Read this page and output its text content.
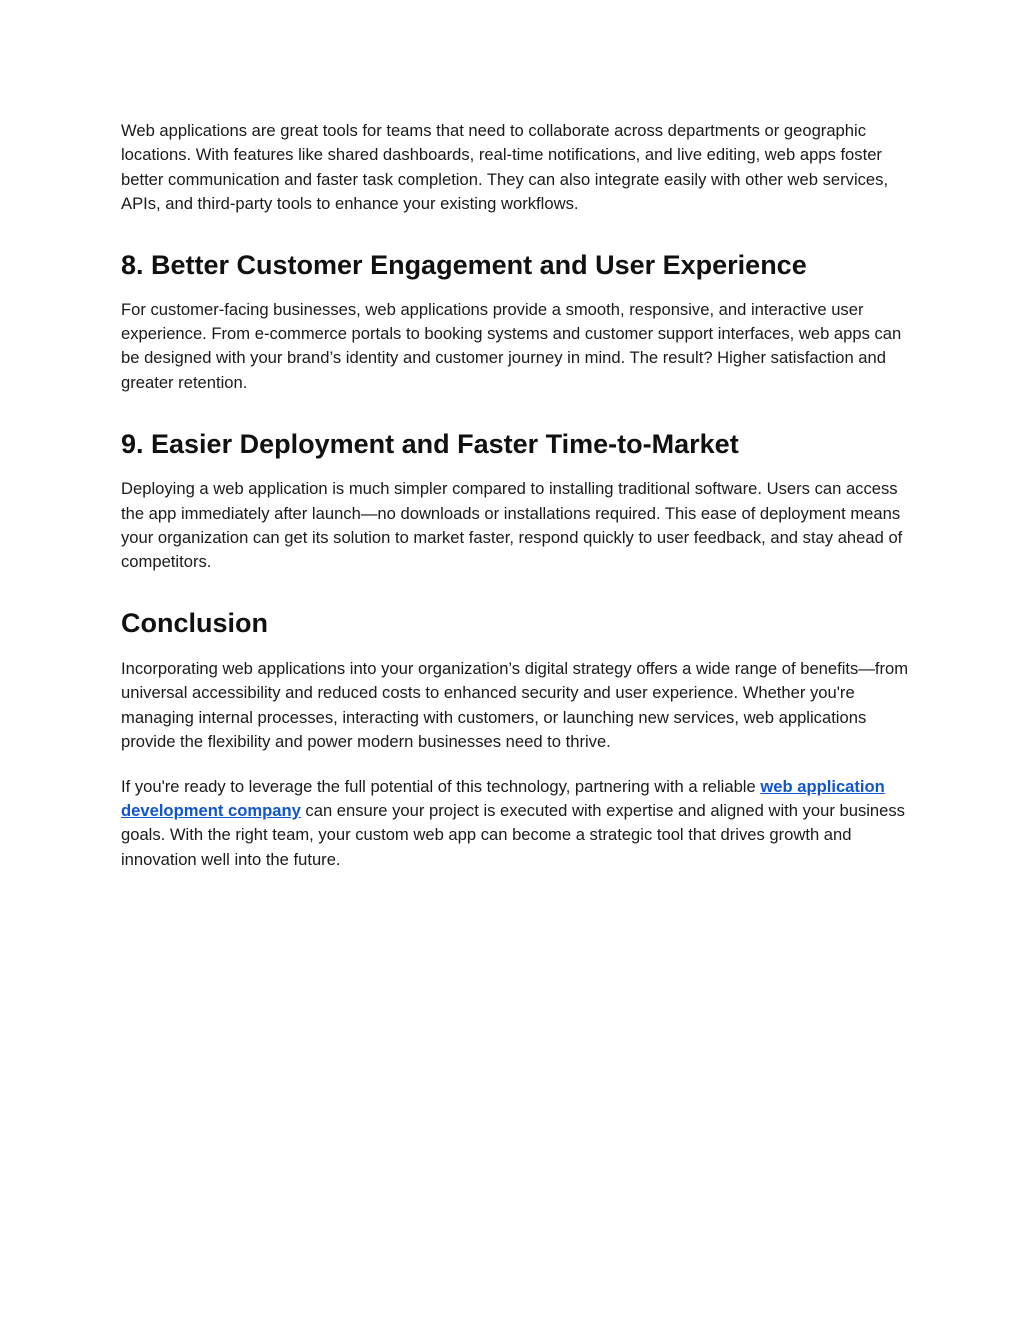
Web applications are great tools for teams that need to collaborate across departments or geographic locations. With features like shared dashboards, real-time notifications, and live editing, web apps foster better communication and faster task completion. They can also integrate easily with other web services, APIs, and third-party tools to enhance your existing workflows.

8. Better Customer Engagement and User Experience

For customer-facing businesses, web applications provide a smooth, responsive, and interactive user experience. From e-commerce portals to booking systems and customer support interfaces, web apps can be designed with your brand’s identity and customer journey in mind. The result? Higher satisfaction and greater retention.

9. Easier Deployment and Faster Time-to-Market

Deploying a web application is much simpler compared to installing traditional software. Users can access the app immediately after launch—no downloads or installations required. This ease of deployment means your organization can get its solution to market faster, respond quickly to user feedback, and stay ahead of competitors.

Conclusion

Incorporating web applications into your organization’s digital strategy offers a wide range of benefits—from universal accessibility and reduced costs to enhanced security and user experience. Whether you're managing internal processes, interacting with customers, or launching new services, web applications provide the flexibility and power modern businesses need to thrive.

If you're ready to leverage the full potential of this technology, partnering with a reliable web application development company can ensure your project is executed with expertise and aligned with your business goals. With the right team, your custom web app can become a strategic tool that drives growth and innovation well into the future.
